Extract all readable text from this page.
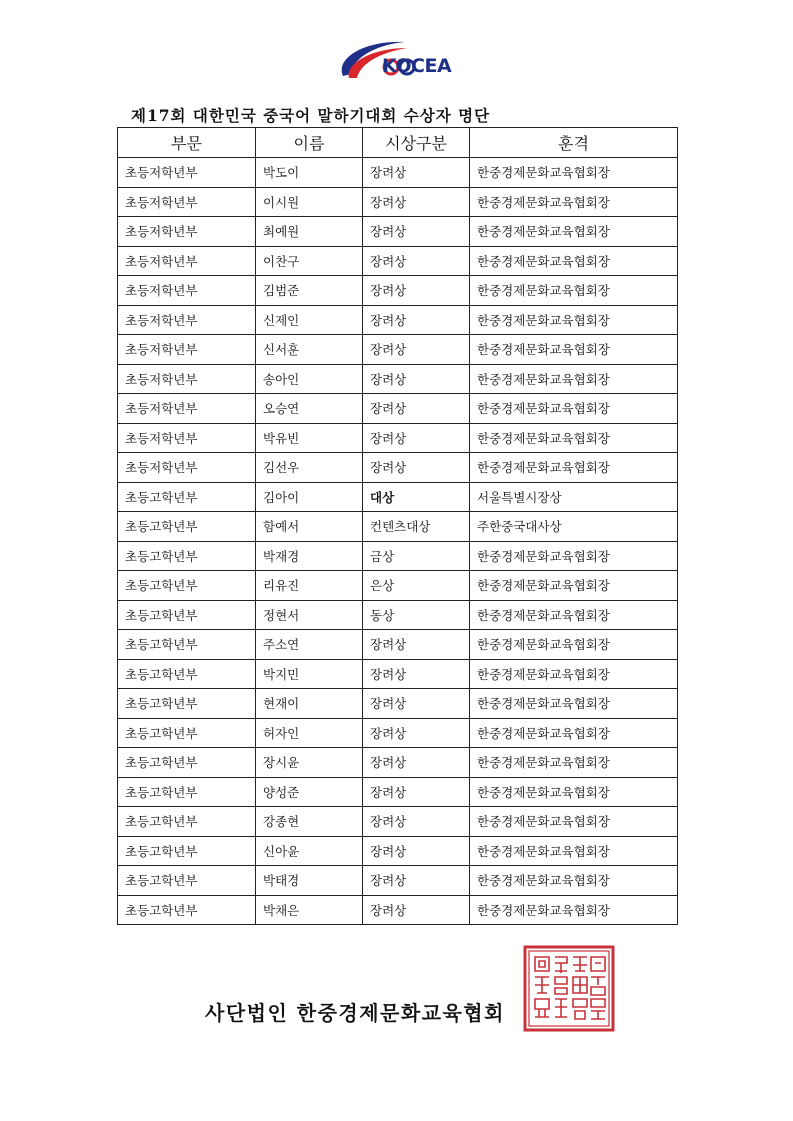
KOCEA
제17회 대한민국 중국어 말하기대회 수상자 명단
부문	이름	시상구분	훈격
초등저학년부	박도이	장려상	한중경제문화교육협회장
초등저학년부	이시원	장려상	한중경제문화교육협회장
초등저학년부	최예원	장려상	한중경제문화교육협회장
초등저학년부	이찬구	장려상	한중경제문화교육협회장
초등저학년부	김범준	장려상	한중경제문화교육협회장
초등저학년부	신제인	장려상	한중경제문화교육협회장
초등저학년부	신서훈	장려상	한중경제문화교육협회장
초등저학년부	송아인	장려상	한중경제문화교육협회장
초등저학년부	오승연	장려상	한중경제문화교육협회장
초등저학년부	박유빈	장려상	한중경제문화교육협회장
초등저학년부	김선우	장려상	한중경제문화교육협회장
초등고학년부	김아이	대상	서울특별시장상
초등고학년부	함예서	컨텐츠대상	주한중국대사상
초등고학년부	박재경	금상	한중경제문화교육협회장
초등고학년부	리유진	은상	한중경제문화교육협회장
초등고학년부	정현서	동상	한중경제문화교육협회장
초등고학년부	주소연	장려상	한중경제문화교육협회장
초등고학년부	박지민	장려상	한중경제문화교육협회장
초등고학년부	현재이	장려상	한중경제문화교육협회장
초등고학년부	허자인	장려상	한중경제문화교육협회장
초등고학년부	장시윤	장려상	한중경제문화교육협회장
초등고학년부	양성준	장려상	한중경제문화교육협회장
초등고학년부	강종현	장려상	한중경제문화교육협회장
초등고학년부	신아윤	장려상	한중경제문화교육협회장
초등고학년부	박태경	장려상	한중경제문화교육협회장
초등고학년부	박채은	장려상	한중경제문화교육협회장
사단법인 한중경제문화교육협회
